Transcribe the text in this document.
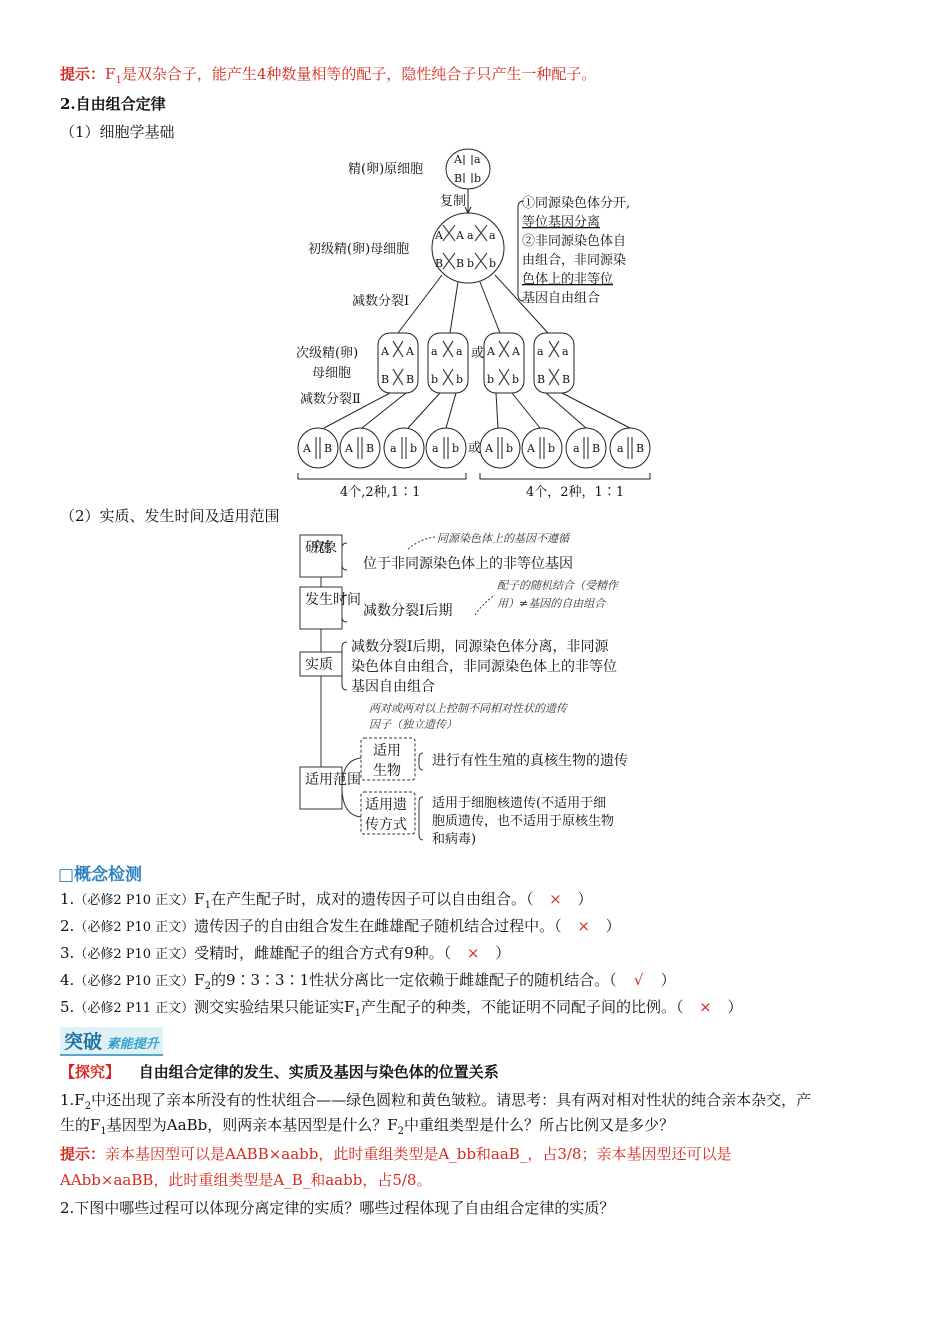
提示：$F_1$是双杂合子，能产生4种数量相等的配子，隐性纯合子只产生一种配子。
2.自由组合定律
（1）细胞学基础
精(卵)原细胞
A a
B b
复制
初级精(卵)母细胞
A A a a
B B b b
①同源染色体分开,
等位基因分离
②非同源染色体自
由组合，非同源染
色体上的非等位
基因自由组合
减数分裂Ⅰ
次级精(卵)
母细胞
A A
B B
a a
b b
或 A A
b b
a a
B B
减数分裂Ⅱ
A B A B a b a b 或 A b A b a B a B
4个,2种,1∶1	4个，2种，1∶1
（2）实质、发生时间及适用范围
研究对象
发生时间
实质
适用范围
位于非同源染色体上的非等位基因
减数分裂Ⅰ后期
减数分裂Ⅰ后期，同源染色体分离，非同源
染色体自由组合，非同源染色体上的非等位
基因自由组合
适用
生物
适用遗
传方式
进行有性生殖的真核生物的遗传
适用于细胞核遗传(不适用于细
胞质遗传，也不适用于原核生物
和病毒)
同源染色体上的基因不遵循
配子的随机结合（受精作
用）≠基因的自由组合
两对或两对以上控制不同相对性状的遗传
因子（独立遗传）
□概念检测
1.（必修2 P10 正文）$F_1$在产生配子时，成对的遗传因子可以自由组合。（ × ）
2.（必修2 P10 正文）遗传因子的自由组合发生在雌雄配子随机结合过程中。（ × ）
3.（必修2 P10 正文）受精时，雌雄配子的组合方式有9种。（ × ）
4.（必修2 P10 正文）$F_2$的9∶3∶3∶1性状分离比一定依赖于雌雄配子的随机结合。（ √ ）
5.（必修2 P11 正文）测交实验结果只能证实$F_1$产生配子的种类，不能证明不同配子间的比例。（ × ）
突破 素能提升
【探究】 自由组合定律的发生、实质及基因与染色体的位置关系
$1.F_2$中还出现了亲本所没有的性状组合——绿色圆粒和黄色皱粒。请思考：具有两对相对性状的纯合亲本杂交，产
生的$F_1$基因型为AaBb，则两亲本基因型是什么？$F_2$中重组类型是什么？所占比例又是多少？
提示：亲本基因型可以是AABB×aabb，此时重组类型是A_bb和aaB_，占3/8；亲本基因型还可以是
AAbb×aaBB，此时重组类型是A_B_和aabb，占5/8。
2.下图中哪些过程可以体现分离定律的实质？哪些过程体现了自由组合定律的实质？
